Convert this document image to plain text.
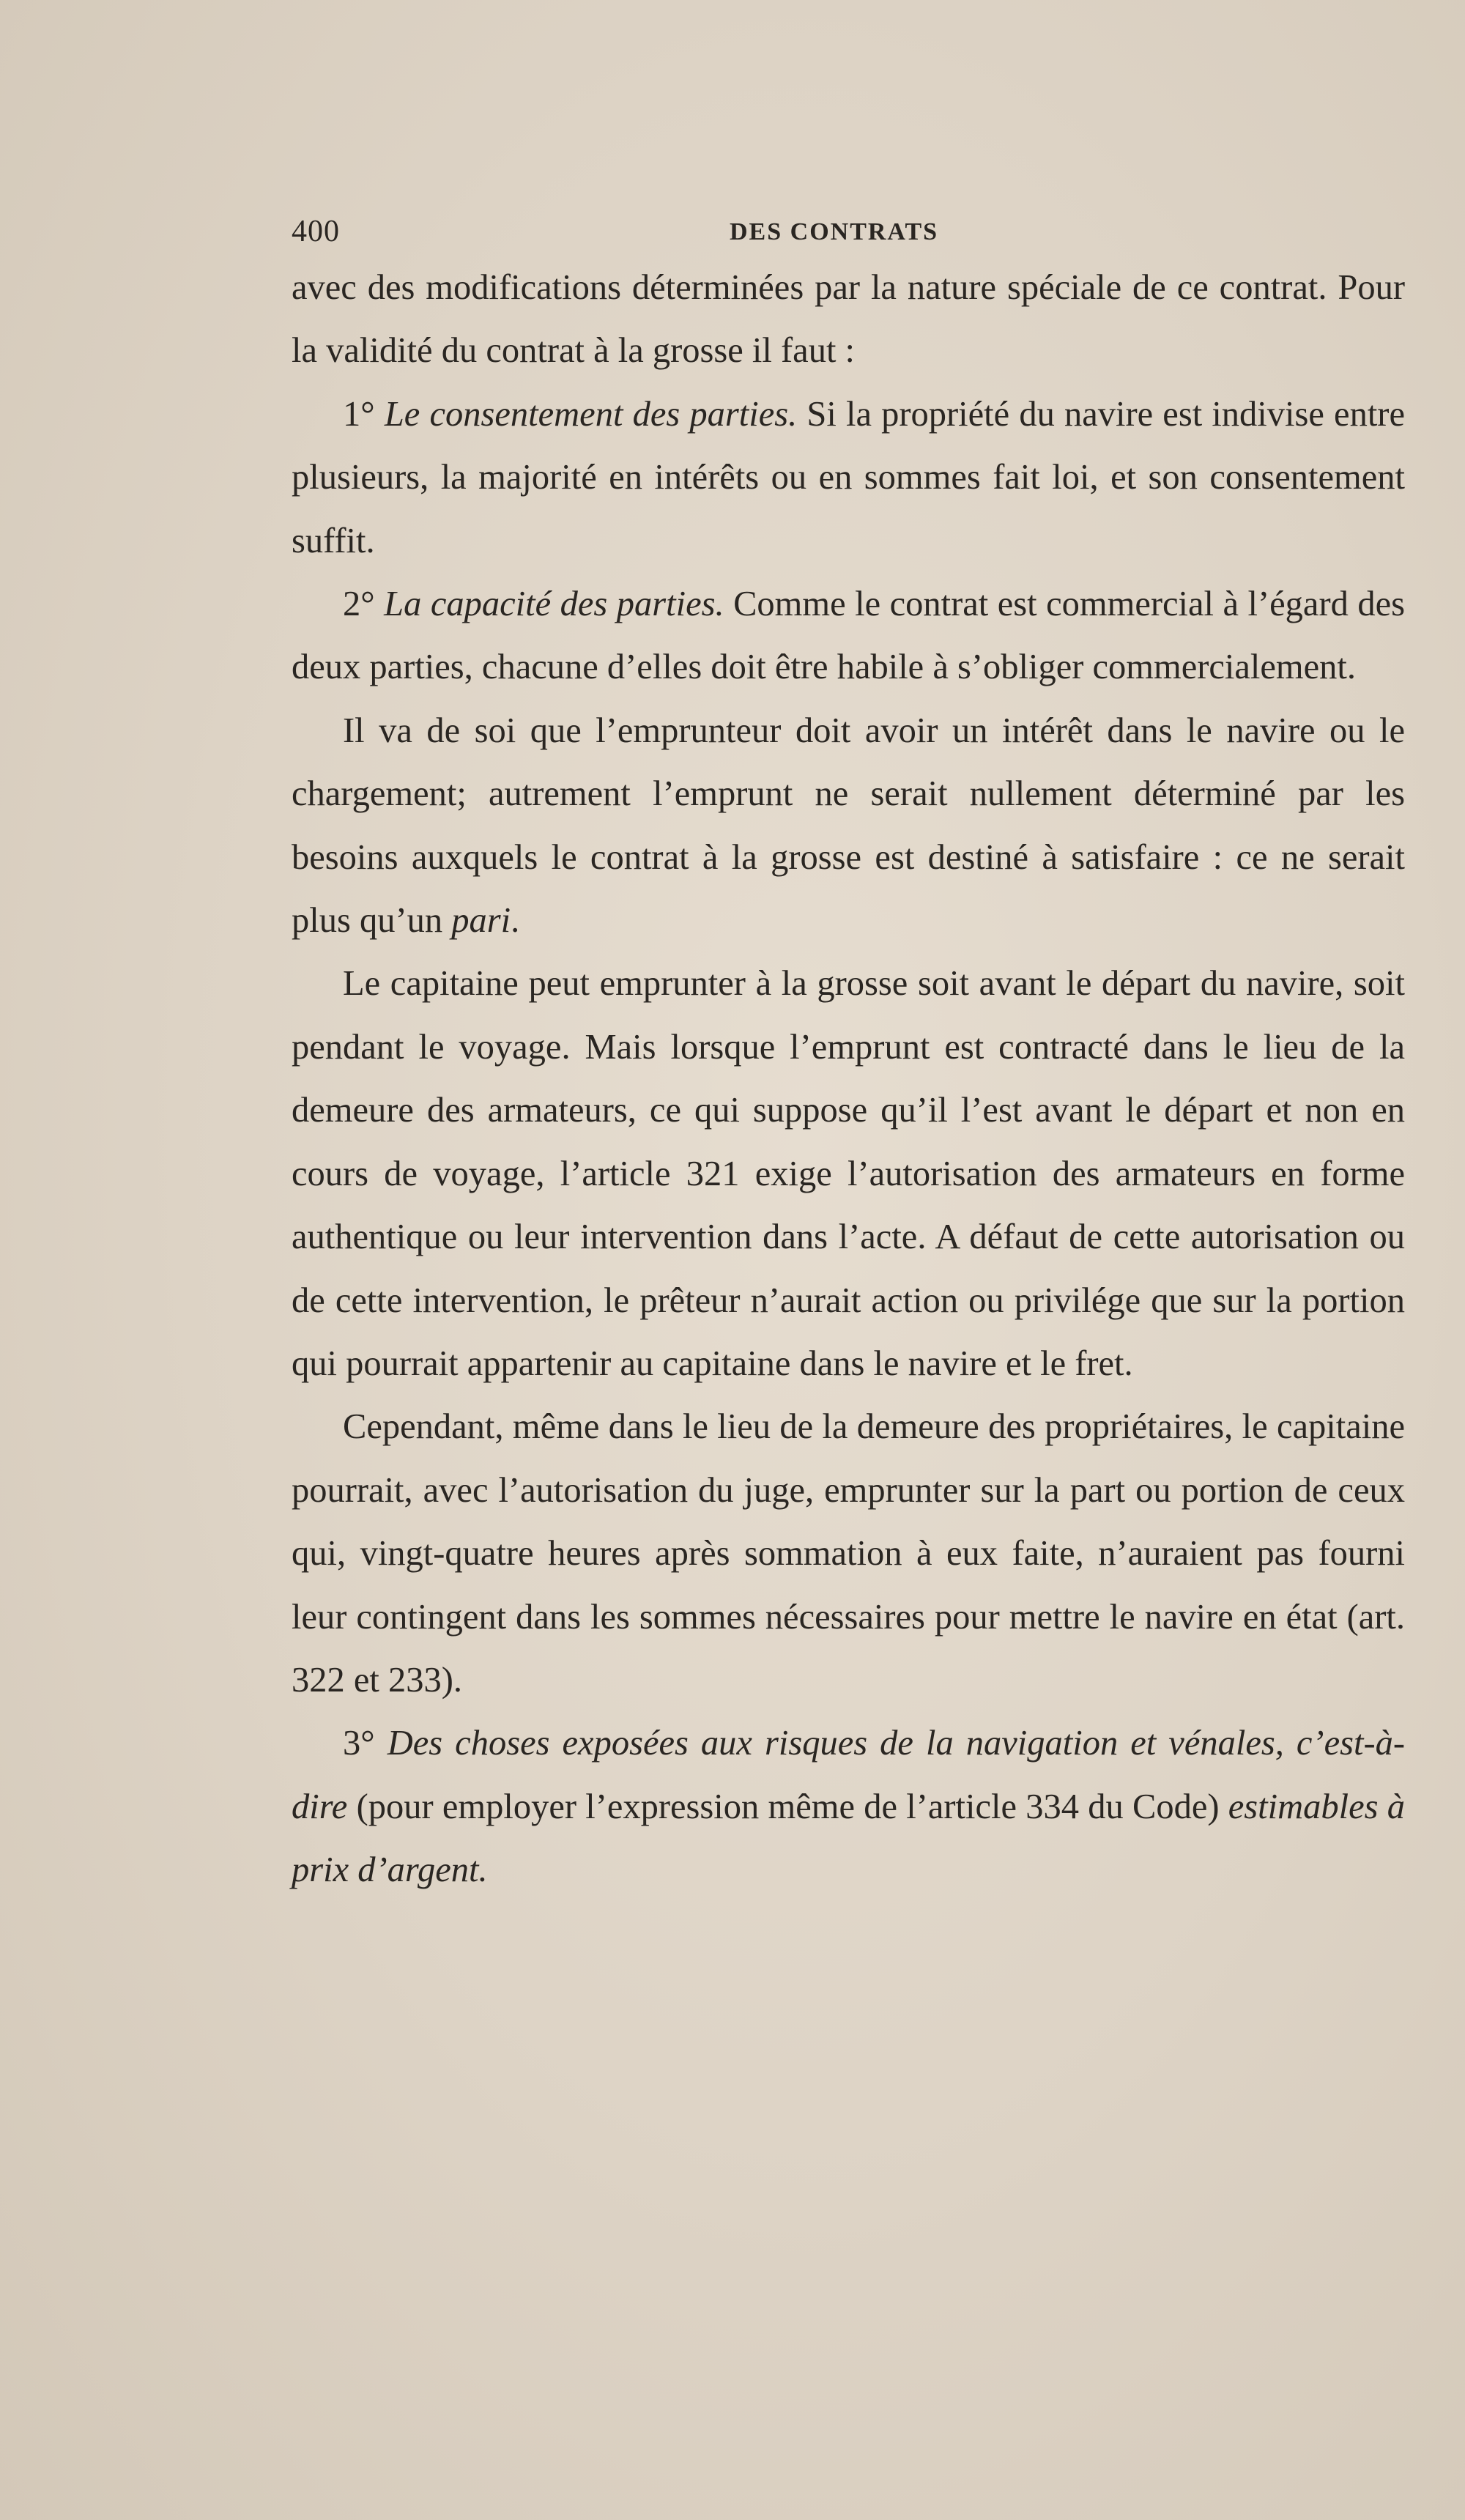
400	DES CONTRATS

avec des modifications déterminées par la nature spéciale de ce contrat. Pour la validité du contrat à la grosse il faut :

1° Le consentement des parties. Si la propriété du navire est indivise entre plusieurs, la majorité en intérêts ou en sommes fait loi, et son consentement suffit.

2° La capacité des parties. Comme le contrat est commercial à l’égard des deux parties, chacune d’elles doit être habile à s’obliger commercialement.

Il va de soi que l’emprunteur doit avoir un intérêt dans le navire ou le chargement; autrement l’emprunt ne serait nullement déterminé par les besoins auxquels le contrat à la grosse est destiné à satisfaire : ce ne serait plus qu’un pari.

Le capitaine peut emprunter à la grosse soit avant le départ du navire, soit pendant le voyage. Mais lorsque l’emprunt est contracté dans le lieu de la demeure des armateurs, ce qui suppose qu’il l’est avant le départ et non en cours de voyage, l’article 321 exige l’autorisation des armateurs en forme authentique ou leur intervention dans l’acte. A défaut de cette autorisation ou de cette intervention, le prêteur n’aurait action ou privilége que sur la portion qui pourrait appartenir au capitaine dans le navire et le fret.

Cependant, même dans le lieu de la demeure des propriétaires, le capitaine pourrait, avec l’autorisation du juge, emprunter sur la part ou portion de ceux qui, vingt-quatre heures après sommation à eux faite, n’auraient pas fourni leur contingent dans les sommes nécessaires pour mettre le navire en état (art. 322 et 233).

3° Des choses exposées aux risques de la navigation et vénales, c’est-à-dire (pour employer l’expression même de l’article 334 du Code) estimables à prix d’argent.
